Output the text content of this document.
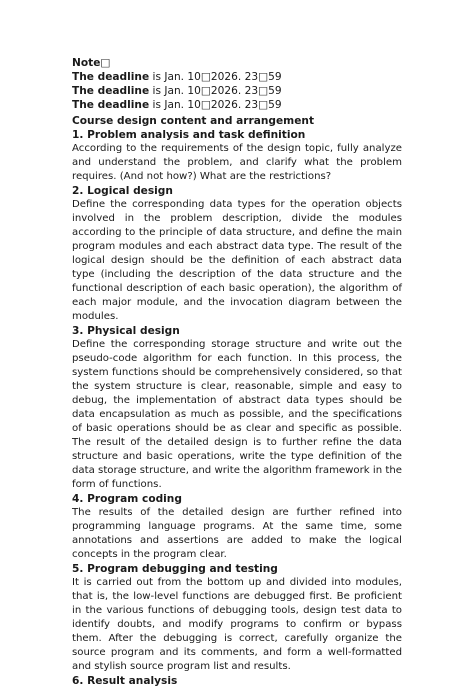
Note□
The deadline is Jan. 10□2026. 23□59
The deadline is Jan. 10□2026. 23□59
The deadline is Jan. 10□2026. 23□59
Course design content and arrangement
1. Problem analysis and task definition

According to the requirements of the design topic, fully analyze and understand the problem, and clarify what the problem requires. (And not how?) What are the restrictions?

2. Logical design

Define the corresponding data types for the operation objects involved in the problem description, divide the modules according to the principle of data structure, and define the main program modules and each abstract data type. The result of the logical design should be the definition of each abstract data type (including the description of the data structure and the functional description of each basic operation), the algorithm of each major module, and the invocation diagram between the modules.

3. Physical design

Define the corresponding storage structure and write out the pseudo-code algorithm for each function. In this process, the system functions should be comprehensively considered, so that the system structure is clear, reasonable, simple and easy to debug, the implementation of abstract data types should be data encapsulation as much as possible, and the specifications of basic operations should be as clear and specific as possible. The result of the detailed design is to further refine the data structure and basic operations, write the type definition of the data storage structure, and write the algorithm framework in the form of functions.

4. Program coding

The results of the detailed design are further refined into programming language programs. At the same time, some annotations and assertions are added to make the logical concepts in the program clear.

5. Program debugging and testing

It is carried out from the bottom up and divided into modules, that is, the low-level functions are debugged first. Be proficient in the various functions of debugging tools, design test data to identify doubts, and modify programs to confirm or bypass them. After the debugging is correct, carefully organize the source program and its comments, and form a well-formatted and stylish source program list and results.

6. Result analysis
